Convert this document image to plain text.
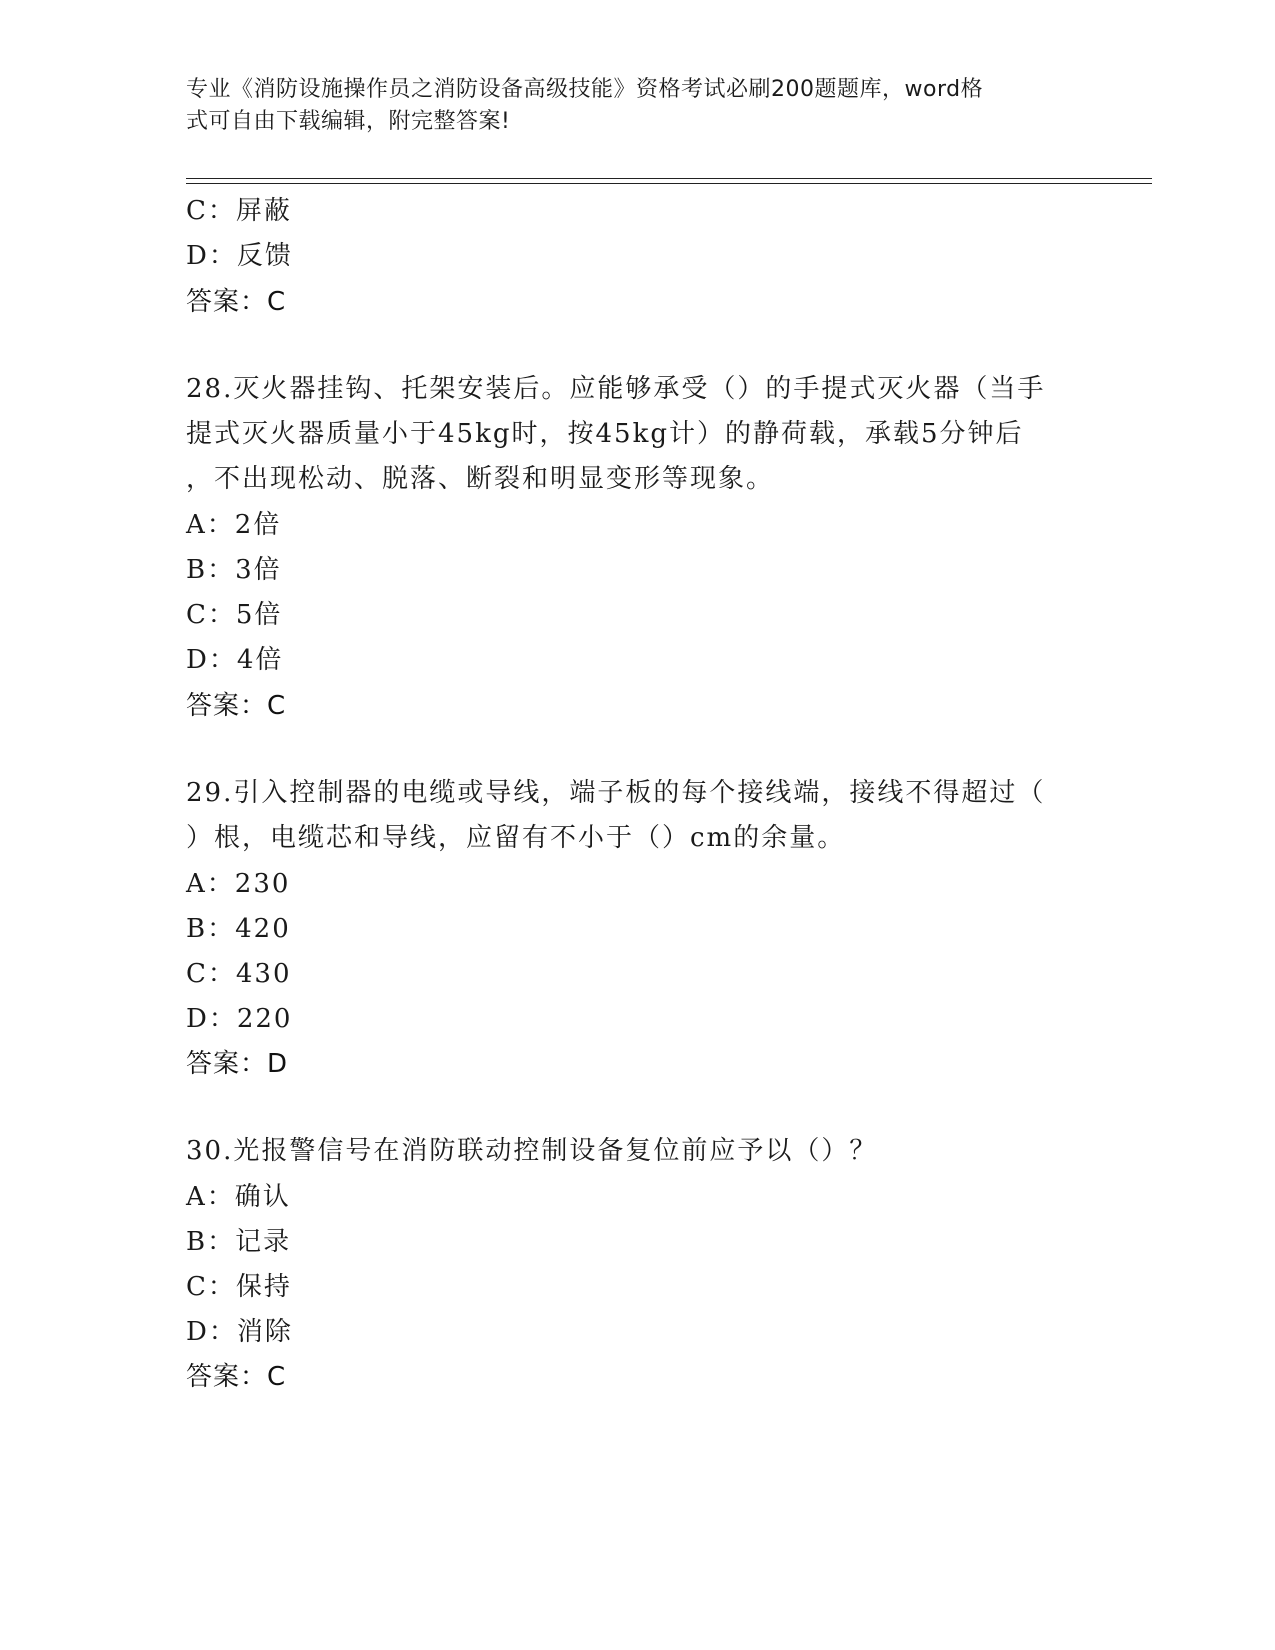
专业《消防设施操作员之消防设备高级技能》资格考试必刷200题题库，word格
式可自由下载编辑，附完整答案!
C：屏蔽
D：反馈
答案：C
28.灭火器挂钩、托架安装后。应能够承受（）的手提式灭火器（当手
提式灭火器质量小于45kg时，按45kg计）的静荷载，承载5分钟后
，不出现松动、脱落、断裂和明显变形等现象。
A：2倍
B：3倍
C：5倍
D：4倍
答案：C
29.引入控制器的电缆或导线，端子板的每个接线端，接线不得超过（
）根，电缆芯和导线，应留有不小于（）cm的余量。
A：230
B：420
C：430
D：220
答案：D
30.光报警信号在消防联动控制设备复位前应予以（）？
A：确认
B：记录
C：保持
D：消除
答案：C
